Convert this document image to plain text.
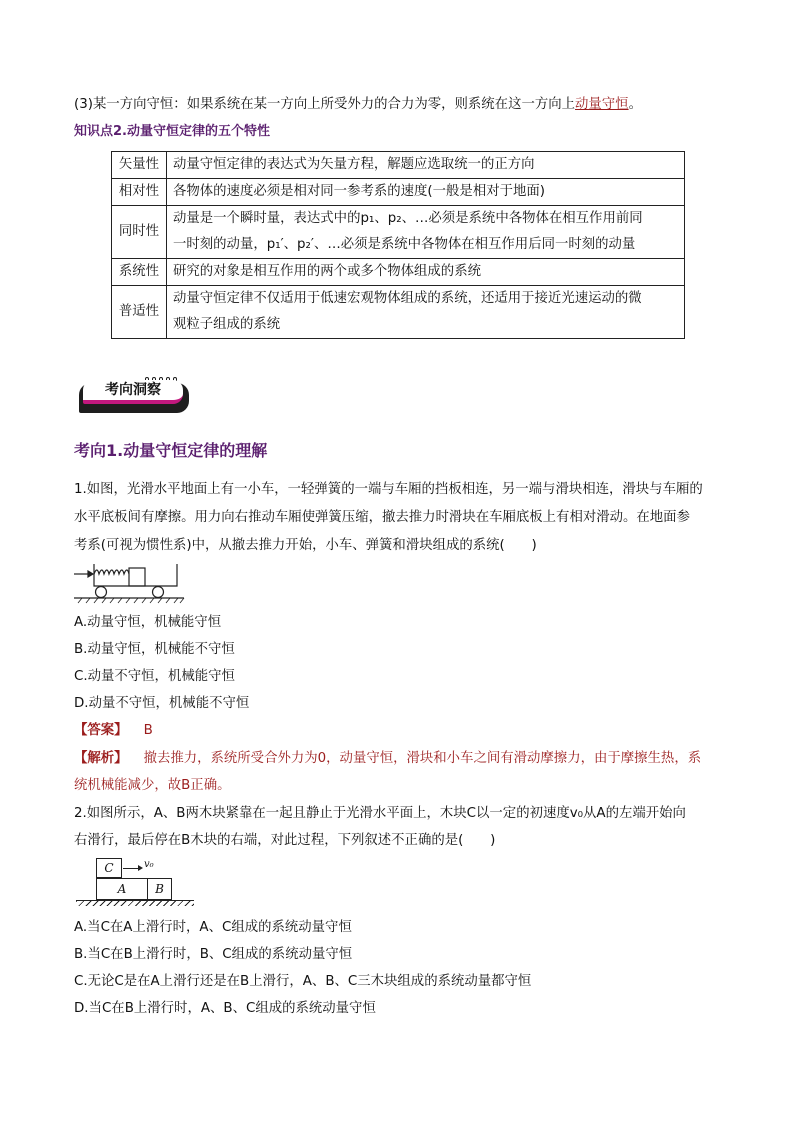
(3)某一方向守恒：如果系统在某一方向上所受外力的合力为零，则系统在这一方向上动量守恒。
知识点2.动量守恒定律的五个特性
矢量性	动量守恒定律的表达式为矢量方程，解题应选取统一的正方向
相对性	各物体的速度必须是相对同一参考系的速度(一般是相对于地面)
同时性	动量是一个瞬时量，表达式中的p₁、p₂、…必须是系统中各物体在相互作用前同
一时刻的动量，p₁′、p₂′、…必须是系统中各物体在相互作用后同一时刻的动量

系统性	研究的对象是相互作用的两个或多个物体组成的系统
普适性	动量守恒定律不仅适用于低速宏观物体组成的系统，还适用于接近光速运动的微
观粒子组成的系统
考向洞察
考向1.动量守恒定律的理解
1.如图，光滑水平地面上有一小车，一轻弹簧的一端与车厢的挡板相连，另一端与滑块相连，滑块与车厢的
水平底板间有摩擦。用力向右推动车厢使弹簧压缩，撤去推力时滑块在车厢底板上有相对滑动。在地面参
考系(可视为惯性系)中，从撤去推力开始，小车、弹簧和滑块组成的系统(　　)
A.动量守恒，机械能守恒
B.动量守恒，机械能不守恒
C.动量不守恒，机械能守恒
D.动量不守恒，机械能不守恒
【答案】 B
【解析】 撤去推力，系统所受合外力为0，动量守恒，滑块和小车之间有滑动摩擦力，由于摩擦生热，系
统机械能减少，故B正确。
2.如图所示，A、B两木块紧靠在一起且静止于光滑水平面上，木块C以一定的初速度v₀从A的左端开始向
右滑行，最后停在B木块的右端，对此过程，下列叙述不正确的是(　　)
C	v₀
A	B
A.当C在A上滑行时，A、C组成的系统动量守恒
B.当C在B上滑行时，B、C组成的系统动量守恒
C.无论C是在A上滑行还是在B上滑行，A、B、C三木块组成的系统动量都守恒
D.当C在B上滑行时，A、B、C组成的系统动量守恒
